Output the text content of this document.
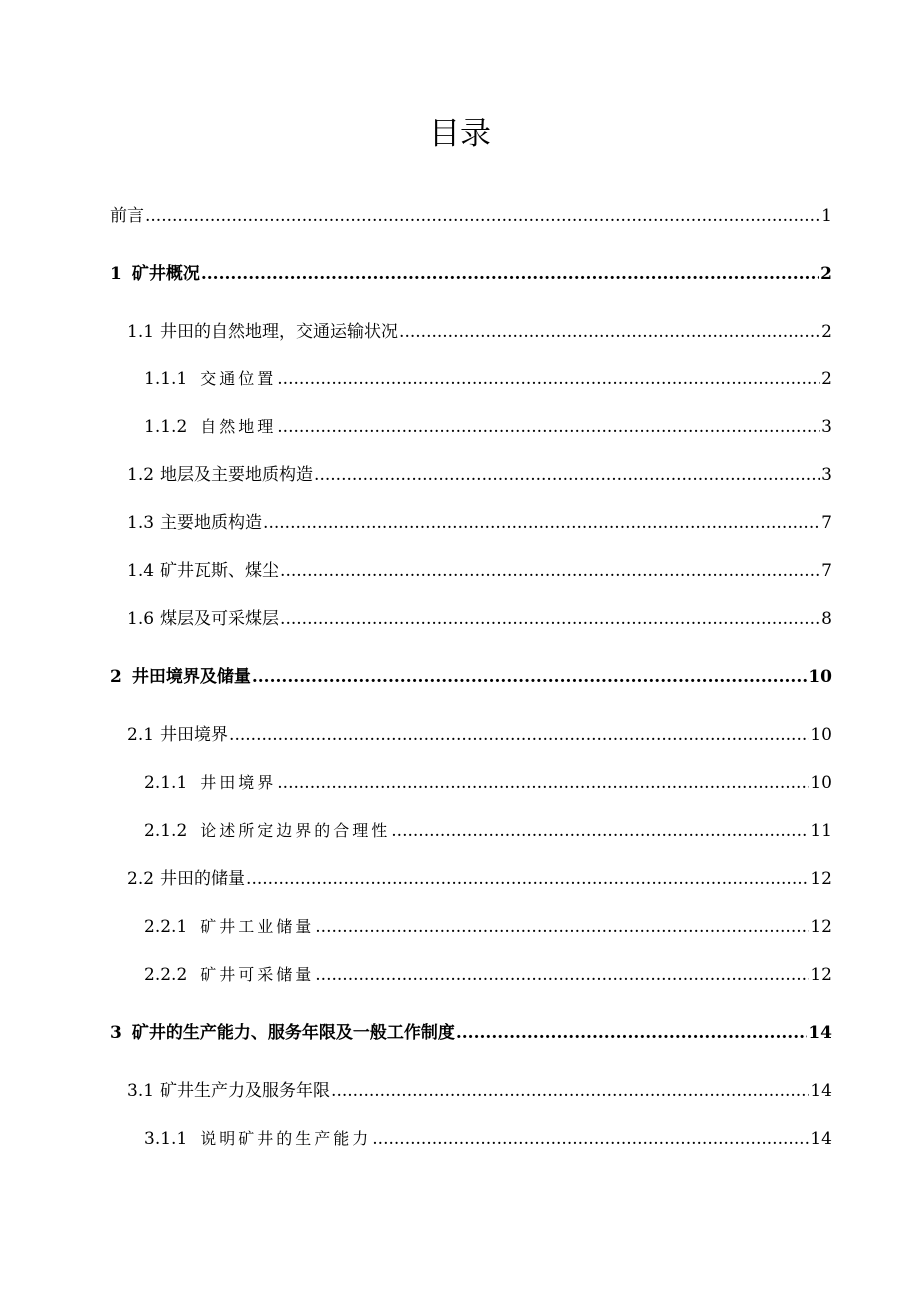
目录
前言 .....	1
1 矿井概况 .....	2
1.1 井田的自然地理，交通运输状况 .....	2
1.1.1 交通位置 .....	2
1.1.2 自然地理 .....	3
1.2 地层及主要地质构造 .....	3
1.3 主要地质构造 .....	7
1.4 矿井瓦斯、煤尘 .....	7
1.6 煤层及可采煤层 .....	8
2 井田境界及储量 .....	10
2.1 井田境界 .....	10
2.1.1 井田境界 .....	10
2.1.2 论述所定边界的合理性 .....	11
2.2 井田的储量 .....	12
2.2.1 矿井工业储量 .....	12
2.2.2 矿井可采储量 .....	12
3 矿井的生产能力、服务年限及一般工作制度 .....	14
3.1 矿井生产力及服务年限 .....	14
3.1.1 说明矿井的生产能力 .....	14
